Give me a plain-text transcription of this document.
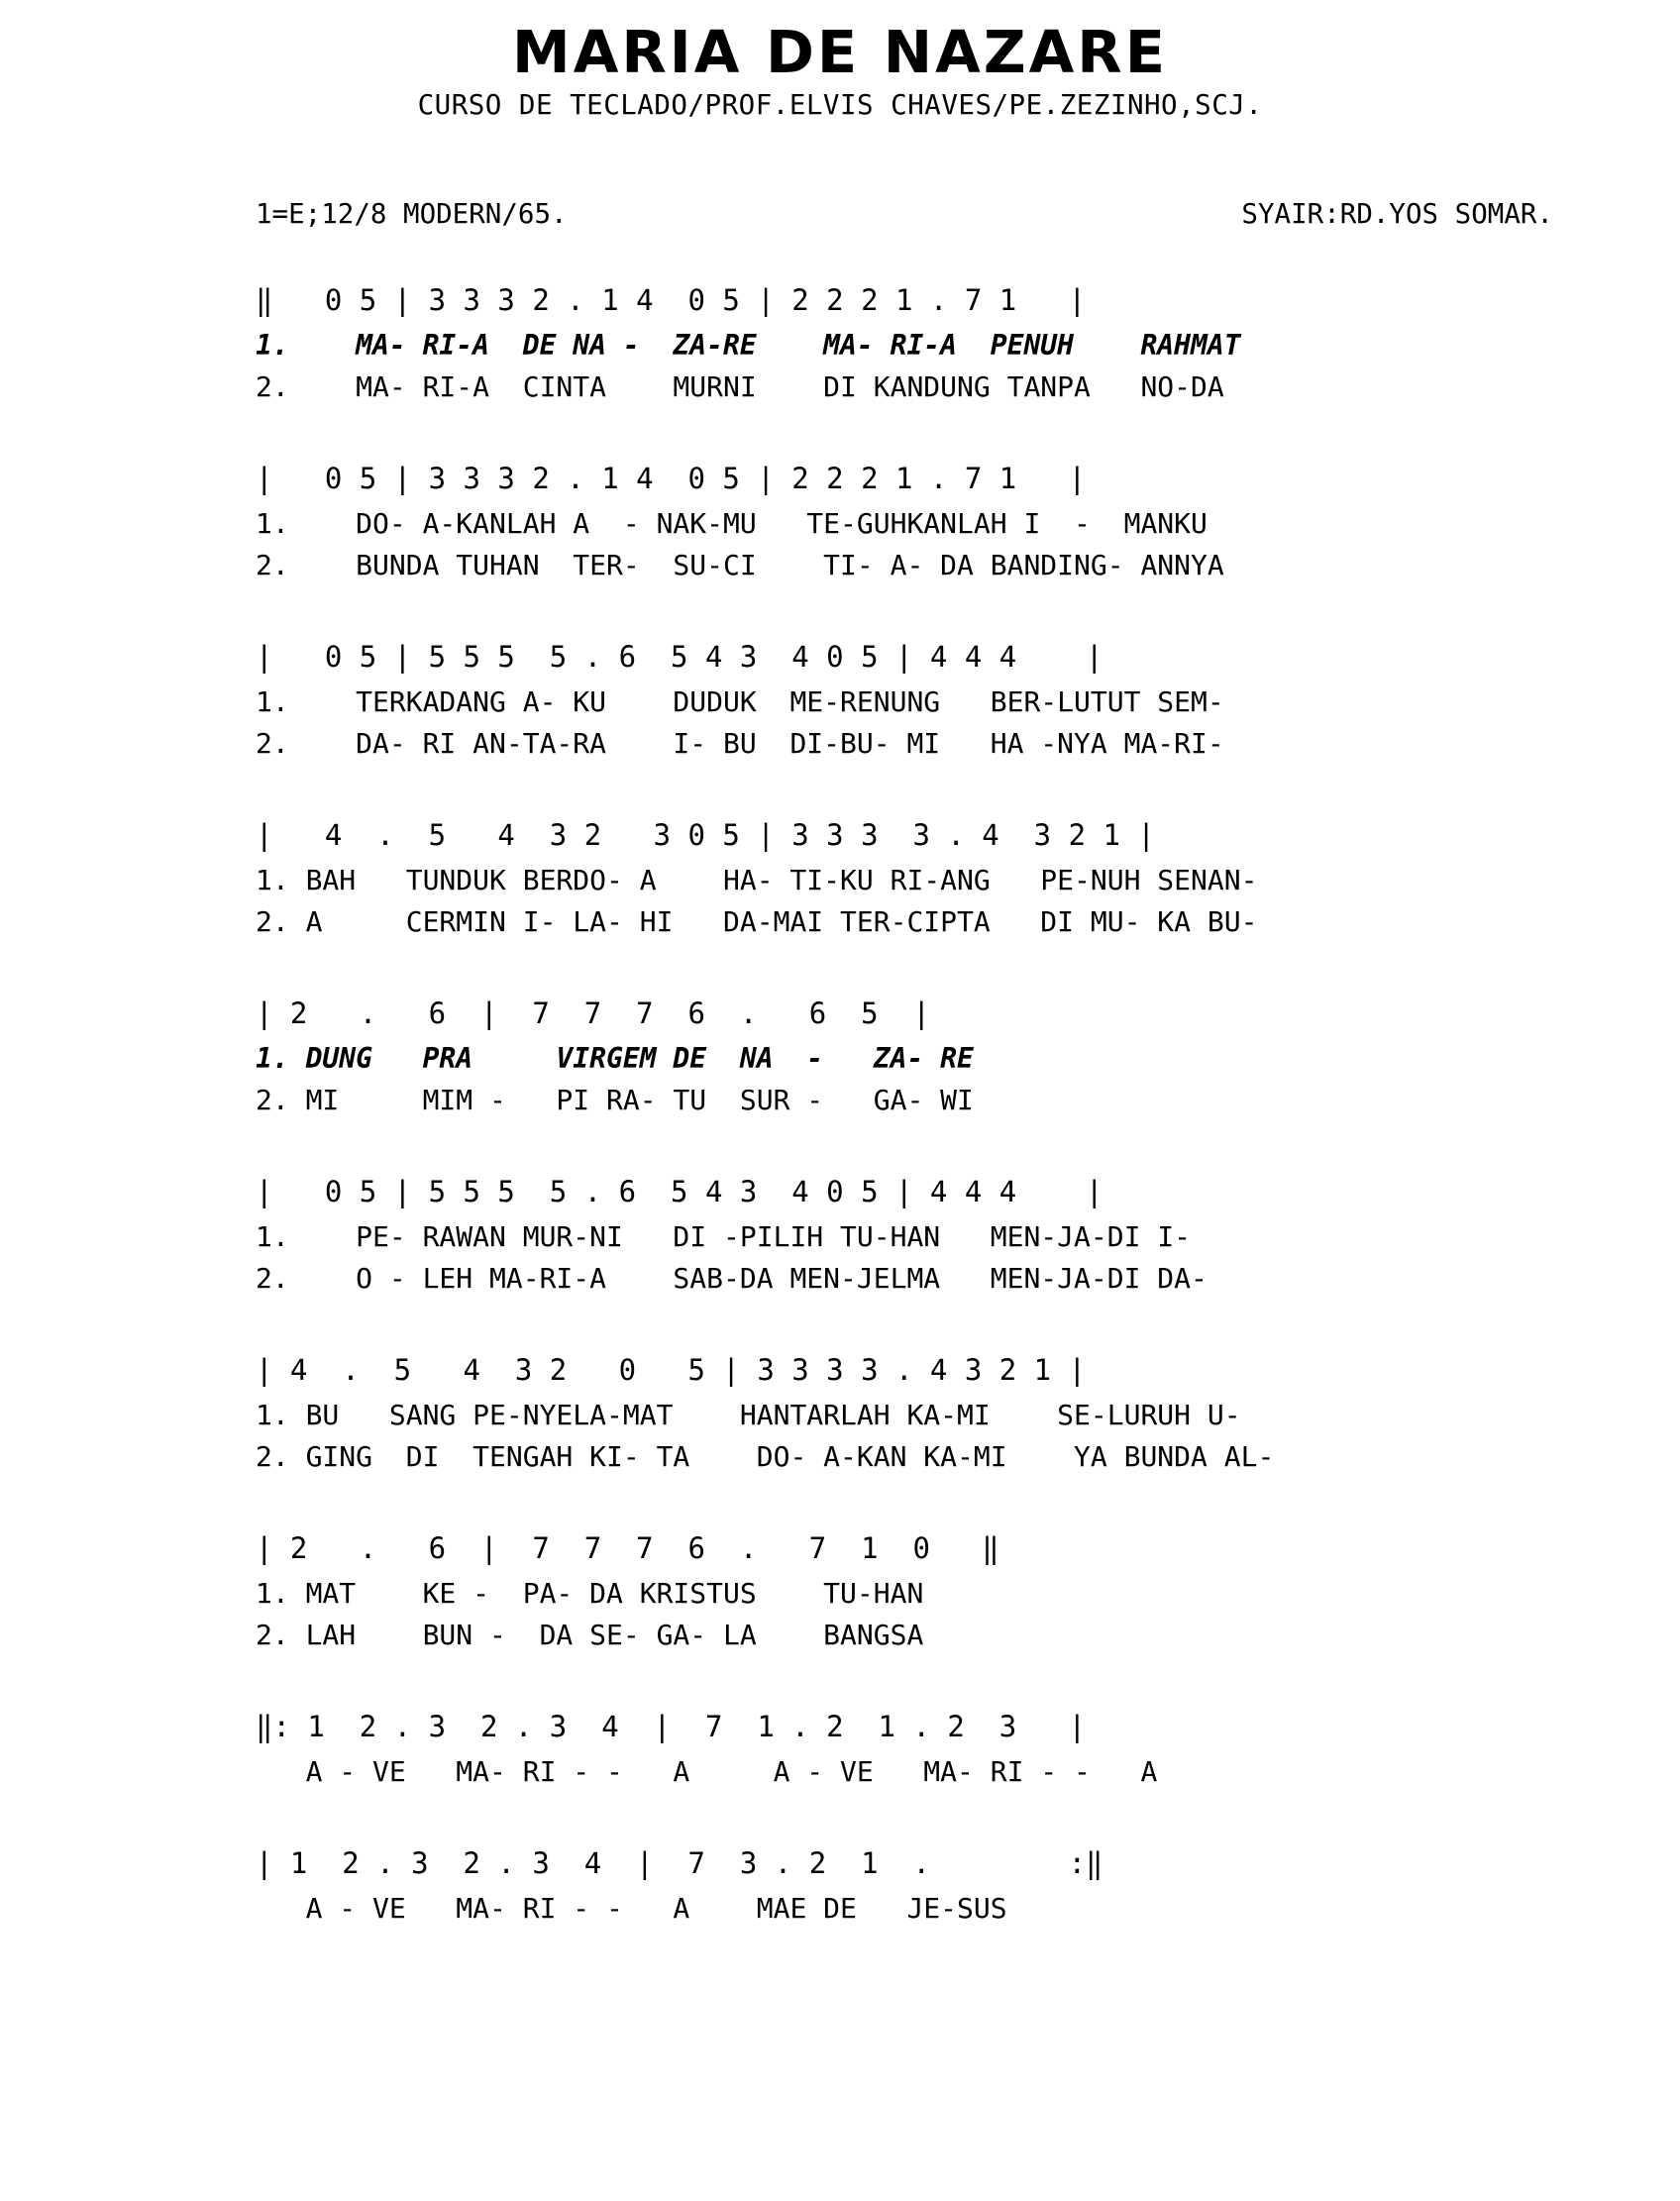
MARIA DE NAZARE
CURSO DE TECLADO/PROF.ELVIS CHAVES/PE.ZEZINHO,SCJ.
1=E;12/8 MODERN/65.	SYAIR:RD.YOS SOMAR.
‖   0 5 | 3 3 3 2 . 1 4  0 5 | 2 2 2 1 . 7 1   |
1.    MA- RI-A  DE NA -  ZA-RE    MA- RI-A  PENUH    RAHMAT
2.    MA- RI-A  CINTA    MURNI    DI KANDUNG TANPA   NO-DA
|   0 5 | 3 3 3 2 . 1 4  0 5 | 2 2 2 1 . 7 1   |
1.    DO- A-KANLAH A  - NAK-MU   TE-GUHKANLAH I  -  MANKU
2.    BUNDA TUHAN  TER-  SU-CI    TI- A- DA BANDING- ANNYA
|   0 5 | 5 5 5  5 . 6  5 4 3  4 0 5 | 4 4 4    |
1.    TERKADANG A- KU    DUDUK  ME-RENUNG   BER-LUTUT SEM-
2.    DA- RI AN-TA-RA    I- BU  DI-BU- MI   HA -NYA MA-RI-
|   4  .  5   4  3 2   3 0 5 | 3 3 3  3 . 4  3 2 1 |
1. BAH   TUNDUK BERDO- A    HA- TI-KU RI-ANG   PE-NUH SENAN-
2. A     CERMIN I- LA- HI   DA-MAI TER-CIPTA   DI MU- KA BU-
| 2   .   6  |  7  7  7  6  .   6  5  |
1. DUNG   PRA     VIRGEM DE  NA  -   ZA- RE
2. MI     MIM -   PI RA- TU  SUR -   GA- WI
|   0 5 | 5 5 5  5 . 6  5 4 3  4 0 5 | 4 4 4    |
1.    PE- RAWAN MUR-NI   DI -PILIH TU-HAN   MEN-JA-DI I-
2.    O - LEH MA-RI-A    SAB-DA MEN-JELMA   MEN-JA-DI DA-
| 4  .  5   4  3 2   0   5 | 3 3 3 3 . 4 3 2 1 |
1. BU   SANG PE-NYELA-MAT    HANTARLAH KA-MI    SE-LURUH U-
2. GING  DI  TENGAH KI- TA    DO- A-KAN KA-MI    YA BUNDA AL-
| 2   .   6  |  7  7  7  6  .   7  1  0   ‖
1. MAT    KE -  PA- DA KRISTUS    TU-HAN
2. LAH    BUN -  DA SE- GA- LA    BANGSA
‖: 1  2 . 3  2 . 3  4  |  7  1 . 2  1 . 2  3   |
A - VE   MA- RI - -   A     A - VE   MA- RI - -   A
| 1  2 . 3  2 . 3  4  |  7  3 . 2  1  .        :‖
A - VE   MA- RI - -   A    MAE DE   JE-SUS
